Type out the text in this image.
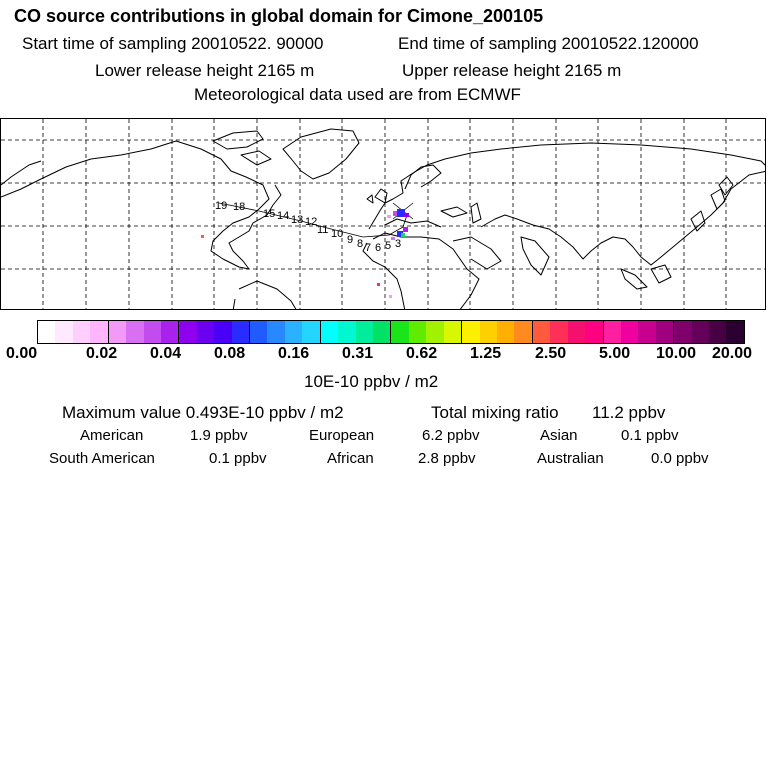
CO source contributions in global domain for Cimone_200105
Start time of sampling 20010522. 90000	End time of sampling 20010522.120000
Lower release height 2165 m	Upper release height 2165 m
Meteorological data used are from ECMWF
19 18
15 14 13 12
11 10 9 8 7 6 5 3
0.00	0.02 0.04 0.08 0.16 0.31 0.62 1.25 2.50 5.00 10.00 20.00
10E-10 ppbv / m2
Maximum value 0.493E-10 ppbv / m2	Total mixing ratio 11.2 ppbv
American	1.9 ppbv	European	6.2 ppbv	Asian	0.1 ppbv
South American	0.1 ppbv	African	2.8 ppbv	Australian	0.0 ppbv
